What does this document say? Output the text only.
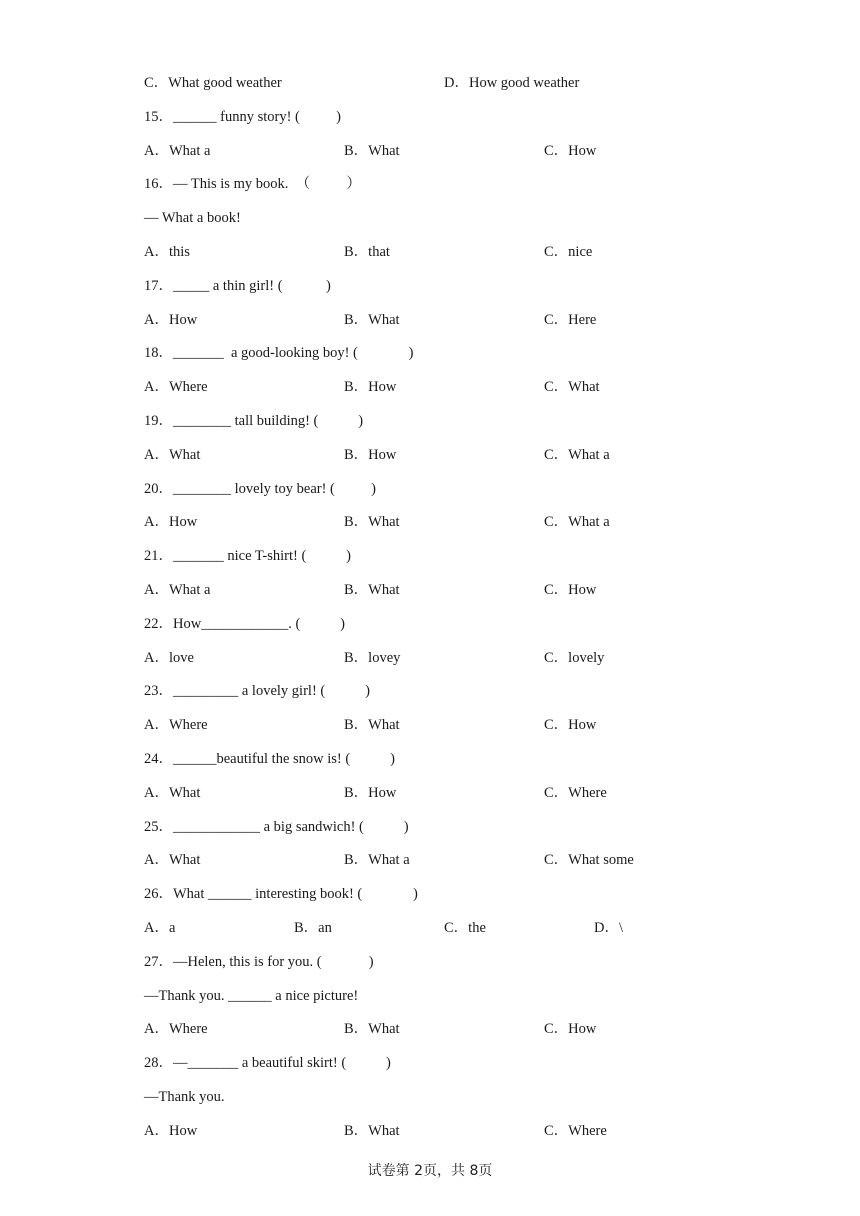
C．What good weather	D．How good weather
15．______ funny story! (          )
A．What a	B．What	C．How
16．— This is my book.  （          ）
— What a book!
A．this	B．that	C．nice
17．_____ a thin girl! (            )
A．How	B．What	C．Here
18．_______  a good-looking boy! (              )
A．Where	B．How	C．What
19．________ tall building! (           )
A．What	B．How	C．What a
20．________ lovely toy bear! (          )
A．How	B．What	C．What a
21．_______ nice T-shirt! (           )
A．What a	B．What	C．How
22．How____________. (           )
A．love	B．lovey	C．lovely
23．_________ a lovely girl! (           )
A．Where	B．What	C．How
24．______beautiful the snow is! (           )
A．What	B．How	C．Where
25．____________ a big sandwich! (           )
A．What	B．What a	C．What some
26．What ______ interesting book! (              )
A．a	B．an	C．the	D．\
27．—Helen, this is for you. (             )
—Thank you. ______ a nice picture!
A．Where	B．What	C．How
28．—_______ a beautiful skirt! (           )
—Thank you.
A．How	B．What	C．Where
试卷第 2页，共 8页
